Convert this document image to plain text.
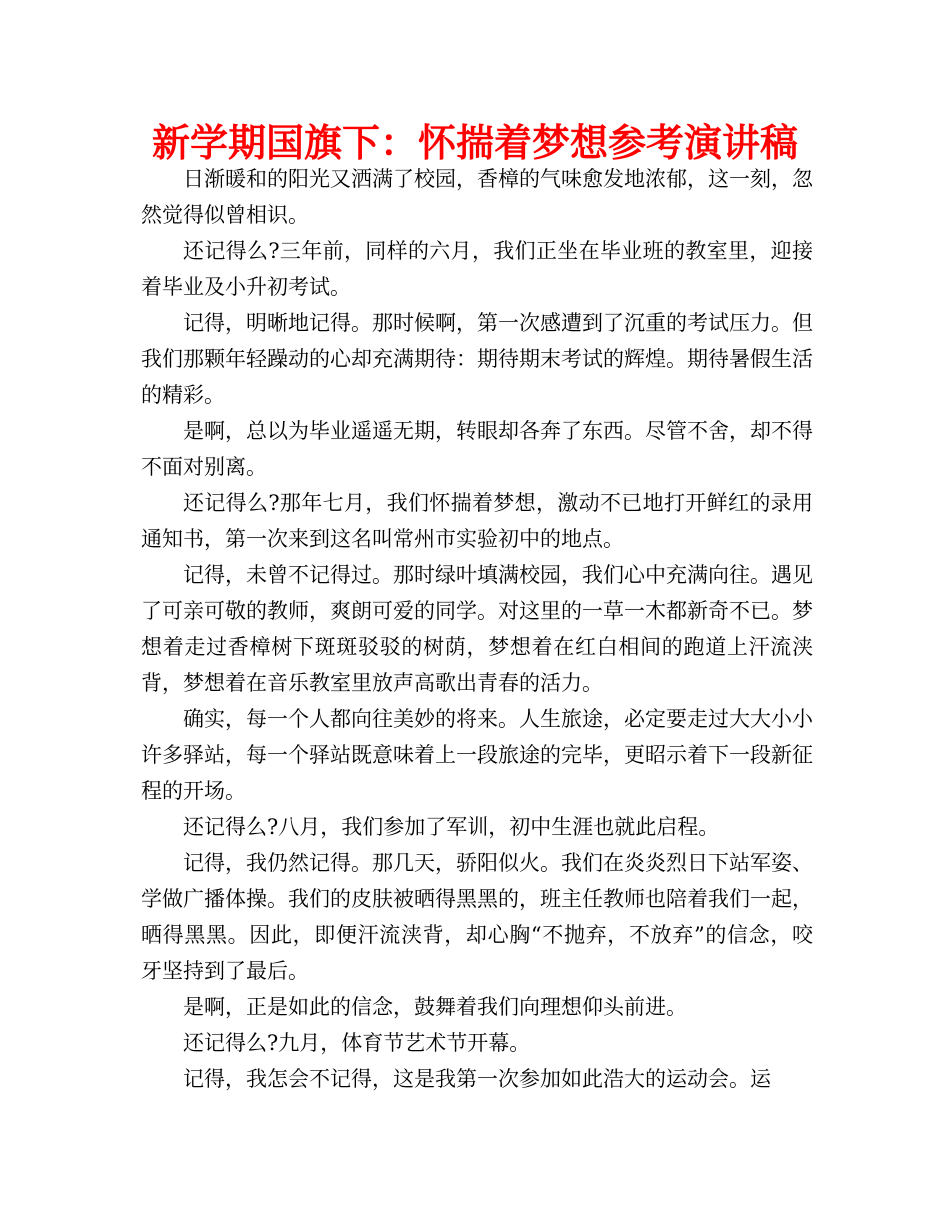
新学期国旗下：怀揣着梦想参考演讲稿

日渐暖和的阳光又洒满了校园，香樟的气味愈发地浓郁，这一刻，忽然觉得似曾相识。

还记得么?三年前，同样的六月，我们正坐在毕业班的教室里，迎接着毕业及小升初考试。

记得，明晰地记得。那时候啊，第一次感遭到了沉重的考试压力。但我们那颗年轻躁动的心却充满期待：期待期末考试的辉煌。期待暑假生活的精彩。

是啊，总以为毕业遥遥无期，转眼却各奔了东西。尽管不舍，却不得不面对别离。

还记得么?那年七月，我们怀揣着梦想，激动不已地打开鲜红的录用通知书，第一次来到这名叫常州市实验初中的地点。

记得，未曾不记得过。那时绿叶填满校园，我们心中充满向往。遇见了可亲可敬的教师，爽朗可爱的同学。对这里的一草一木都新奇不已。梦想着走过香樟树下斑斑驳驳的树荫，梦想着在红白相间的跑道上汗流浃背，梦想着在音乐教室里放声高歌出青春的活力。

确实，每一个人都向往美妙的将来。人生旅途，必定要走过大大小小许多驿站，每一个驿站既意味着上一段旅途的完毕，更昭示着下一段新征程的开场。

还记得么?八月，我们参加了军训，初中生涯也就此启程。

记得，我仍然记得。那几天，骄阳似火。我们在炎炎烈日下站军姿、学做广播体操。我们的皮肤被晒得黑黑的，班主任教师也陪着我们一起，晒得黑黑。因此，即便汗流浃背，却心胸“不抛弃，不放弃”的信念，咬牙坚持到了最后。

是啊，正是如此的信念，鼓舞着我们向理想仰头前进。

还记得么?九月，体育节艺术节开幕。

记得，我怎会不记得，这是我第一次参加如此浩大的运动会。运
